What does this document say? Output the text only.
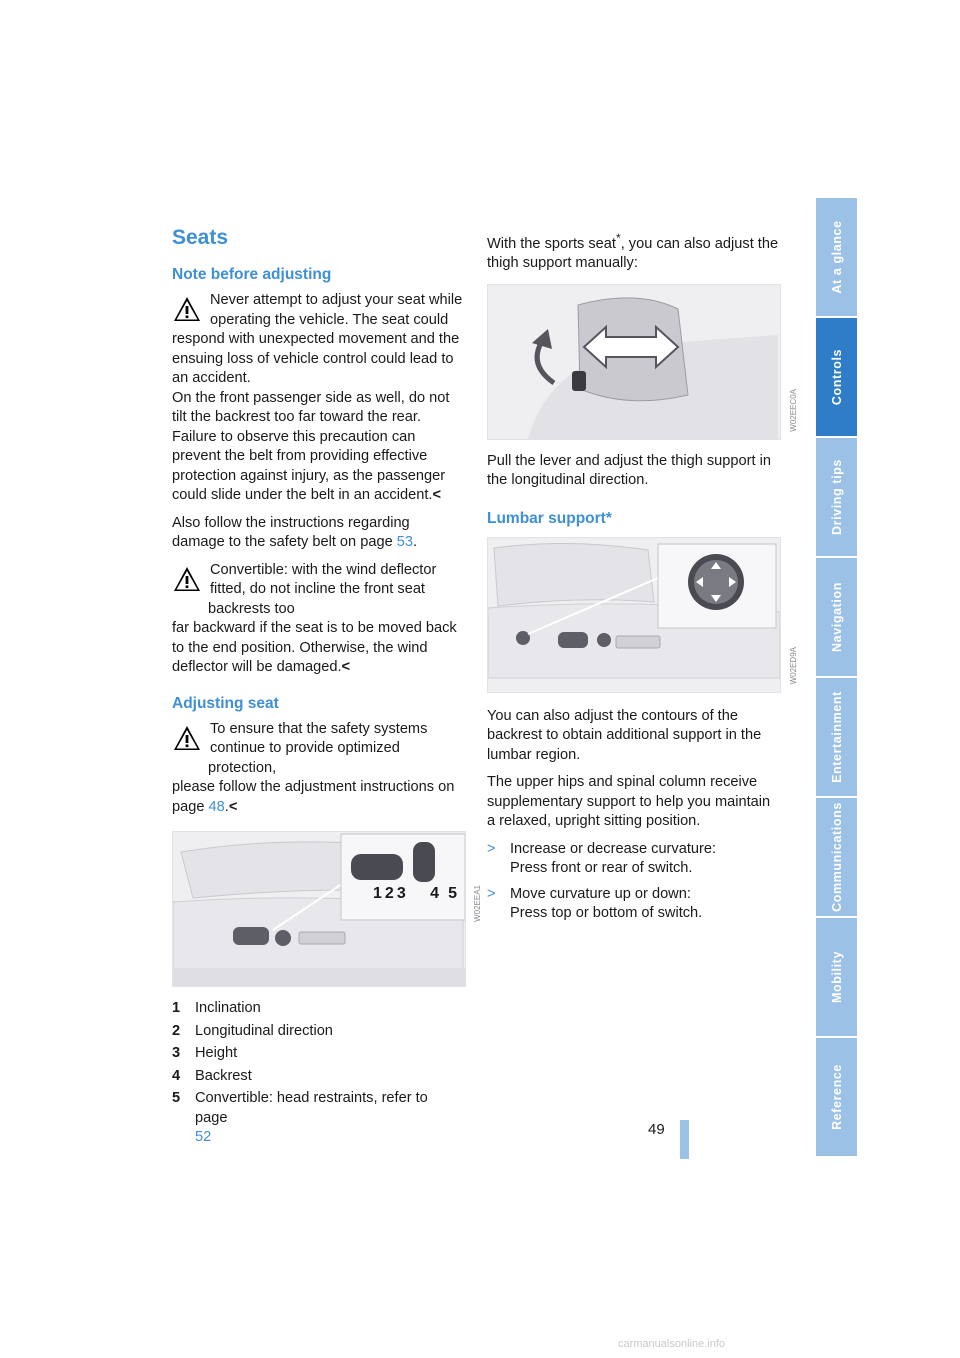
Seats
Note before adjusting
Never attempt to adjust your seat while operating the vehicle. The seat could
respond with unexpected movement and the ensuing loss of vehicle control could lead to an accident.
On the front passenger side as well, do not tilt the backrest too far toward the rear. Failure to observe this precaution can prevent the belt from providing effective protection against injury, as the passenger could slide under the belt in an accident.<

Also follow the instructions regarding damage to the safety belt on page 53.

Convertible: with the wind deflector fitted, do not incline the front seat backrests too
far backward if the seat is to be moved back to the end position. Otherwise, the wind deflector will be damaged.<
Adjusting seat
To ensure that the safety systems continue to provide optimized protection,
please follow the adjustment instructions on page 48.<
123 4 5	W02EEA1
1 Inclination
2 Longitudinal direction
3 Height
4 Backrest
5 Convertible: head restraints, refer to page
52

With the sports seat*, you can also adjust the thigh support manually:

W02EEC0A

Pull the lever and adjust the thigh support in the longitudinal direction.

Lumbar support*
W02ED9A

You can also adjust the contours of the backrest to obtain additional support in the lumbar region.

The upper hips and spinal column receive supplementary support to help you maintain a relaxed, upright sitting position.

> Increase or decrease curvature:
Press front or rear of switch.
> Move curvature up or down:
Press top or bottom of switch.
At a glance
Controls
Driving tips
Navigation
Entertainment
Communications
Mobility
Reference
49
carmanualsonline.info
